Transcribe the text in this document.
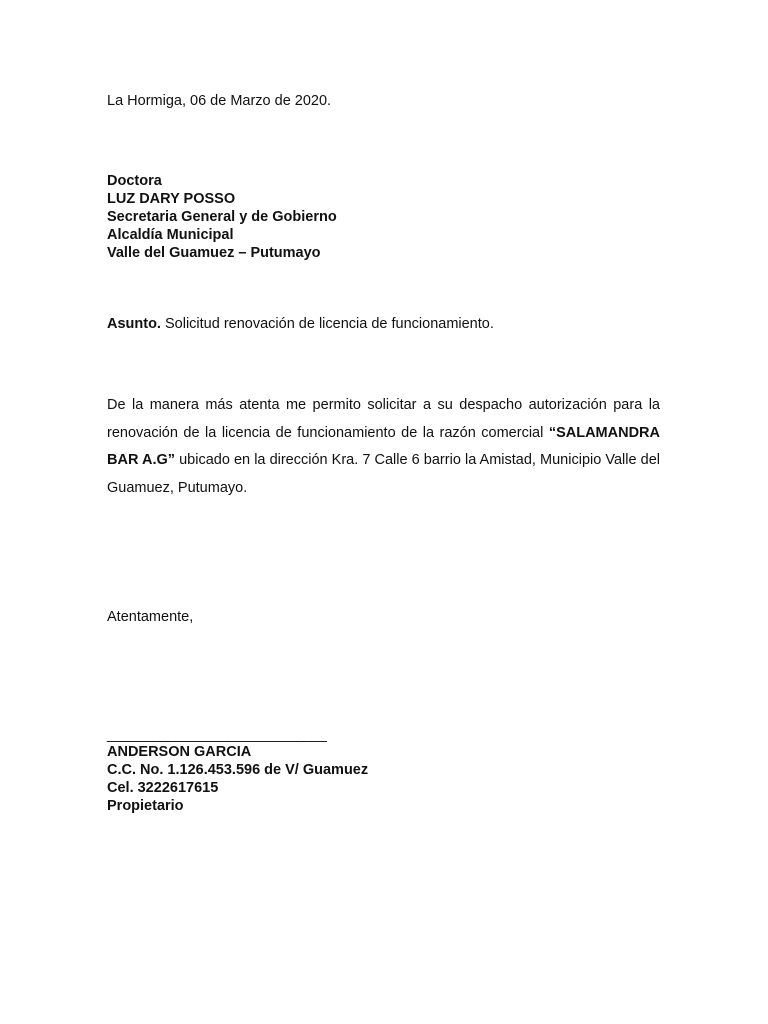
La Hormiga, 06 de Marzo de 2020.
Doctora
LUZ DARY POSSO
Secretaria General y de Gobierno
Alcaldía Municipal
Valle del Guamuez – Putumayo
Asunto. Solicitud renovación de licencia de funcionamiento.
De la manera más atenta me permito solicitar a su despacho autorización para la renovación de la licencia de funcionamiento de la razón comercial “SALAMANDRA BAR A.G” ubicado en la dirección Kra. 7 Calle 6 barrio la Amistad, Municipio Valle del Guamuez, Putumayo.
Atentamente,
_____________________________
ANDERSON GARCIA
C.C. No. 1.126.453.596 de V/ Guamuez
Cel. 3222617615
Propietario
